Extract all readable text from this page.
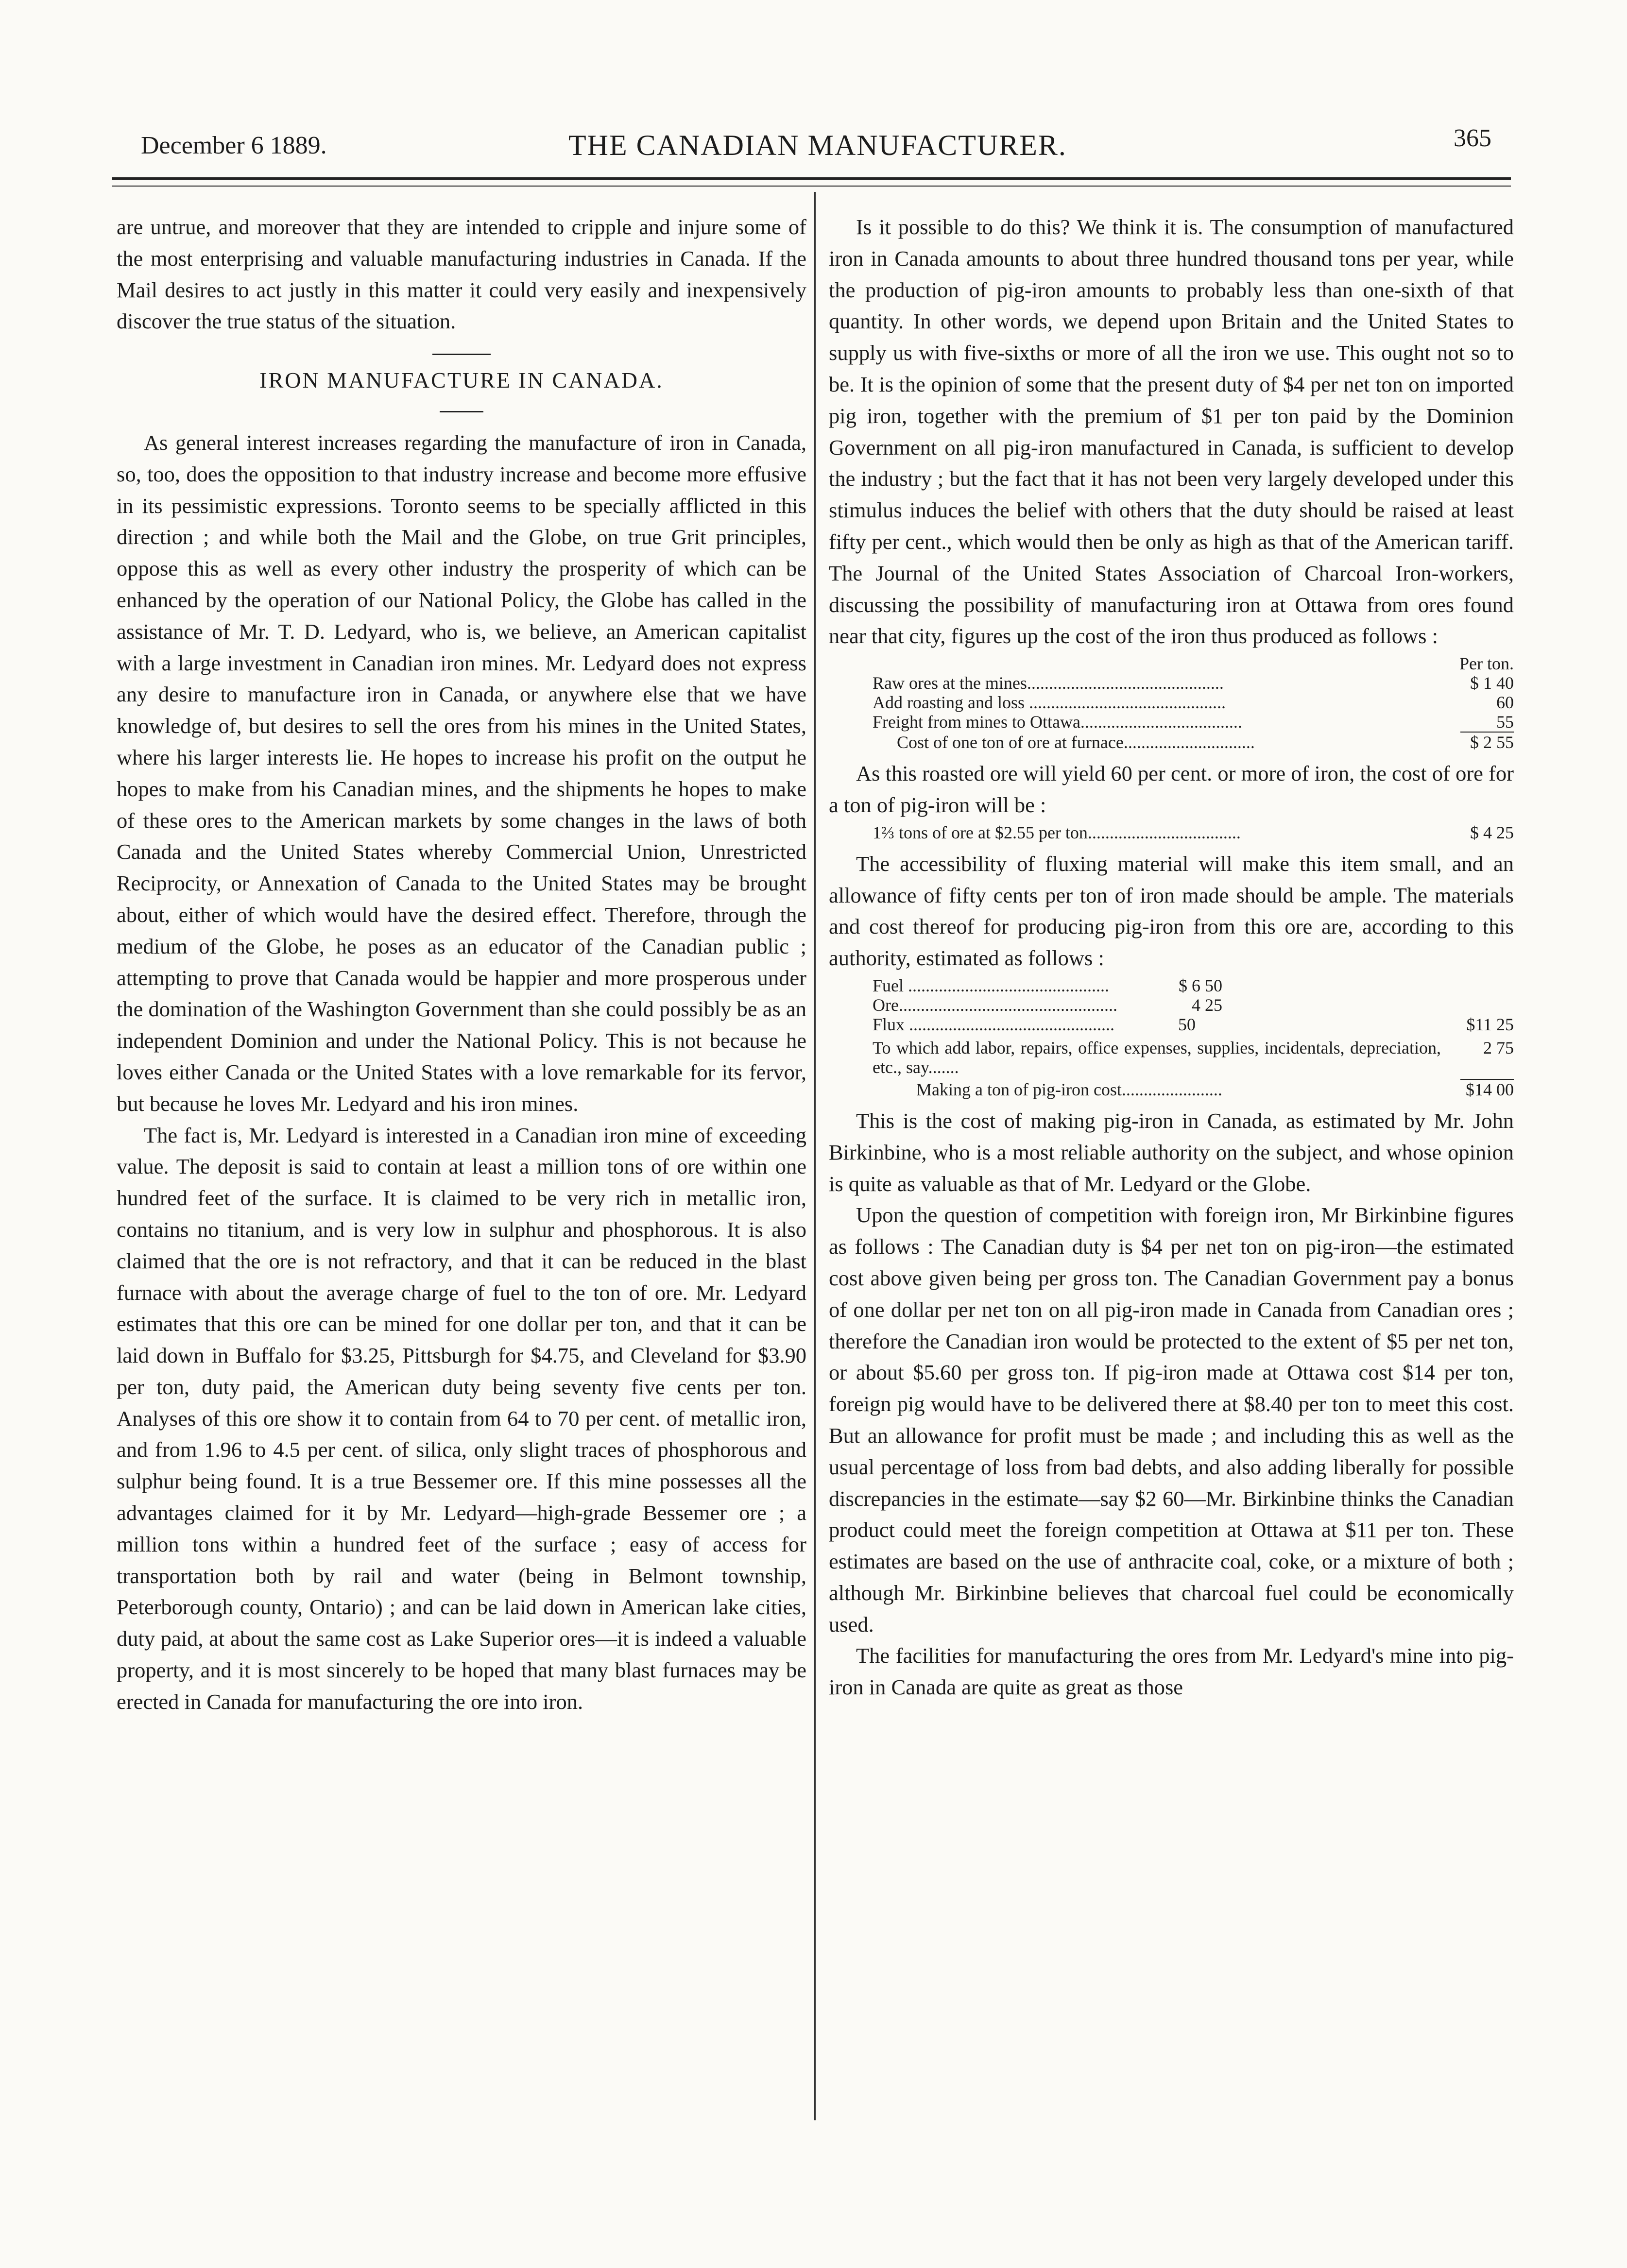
December 6 1889.	THE CANADIAN MANUFACTURER.	365

are untrue, and moreover that they are intended to cripple and injure some of the most enterprising and valuable manufacturing industries in Canada. If the Mail desires to act justly in this matter it could very easily and inexpensively discover the true status of the situation.

IRON MANUFACTURE IN CANADA.

As general interest increases regarding the manufacture of iron in Canada, so, too, does the opposition to that industry increase and become more effusive in its pessimistic expressions. Toronto seems to be specially afflicted in this direction ; and while both the Mail and the Globe, on true Grit principles, oppose this as well as every other industry the prosperity of which can be enhanced by the operation of our National Policy, the Globe has called in the assistance of Mr. T. D. Ledyard, who is, we believe, an American capitalist with a large investment in Canadian iron mines. Mr. Ledyard does not express any desire to manufacture iron in Canada, or anywhere else that we have knowledge of, but desires to sell the ores from his mines in the United States, where his larger interests lie. He hopes to increase his profit on the output he hopes to make from his Canadian mines, and the shipments he hopes to make of these ores to the American markets by some changes in the laws of both Canada and the United States whereby Commercial Union, Unrestricted Reciprocity, or Annexation of Canada to the United States may be brought about, either of which would have the desired effect. Therefore, through the medium of the Globe, he poses as an educator of the Canadian public ; attempting to prove that Canada would be happier and more prosperous under the domination of the Washington Government than she could possibly be as an independent Dominion and under the National Policy. This is not because he loves either Canada or the United States with a love remarkable for its fervor, but because he loves Mr. Ledyard and his iron mines.

The fact is, Mr. Ledyard is interested in a Canadian iron mine of exceeding value. The deposit is said to contain at least a million tons of ore within one hundred feet of the surface. It is claimed to be very rich in metallic iron, contains no titanium, and is very low in sulphur and phosphorous. It is also claimed that the ore is not refractory, and that it can be reduced in the blast furnace with about the average charge of fuel to the ton of ore. Mr. Ledyard estimates that this ore can be mined for one dollar per ton, and that it can be laid down in Buffalo for $3.25, Pittsburgh for $4.75, and Cleveland for $3.90 per ton, duty paid, the American duty being seventy five cents per ton. Analyses of this ore show it to contain from 64 to 70 per cent. of metallic iron, and from 1.96 to 4.5 per cent. of silica, only slight traces of phosphorous and sulphur being found. It is a true Bessemer ore. If this mine possesses all the advantages claimed for it by Mr. Ledyard—high-grade Bessemer ore ; a million tons within a hundred feet of the surface ; easy of access for transportation both by rail and water (being in Belmont township, Peterborough county, Ontario) ; and can be laid down in American lake cities, duty paid, at about the same cost as Lake Superior ores—it is indeed a valuable property, and it is most sincerely to be hoped that many blast furnaces may be erected in Canada for manufacturing the ore into iron.

Is it possible to do this? We think it is. The consumption of manufactured iron in Canada amounts to about three hundred thousand tons per year, while the production of pig-iron amounts to probably less than one-sixth of that quantity. In other words, we depend upon Britain and the United States to supply us with five-sixths or more of all the iron we use. This ought not so to be. It is the opinion of some that the present duty of $4 per net ton on imported pig iron, together with the premium of $1 per ton paid by the Dominion Government on all pig-iron manufactured in Canada, is sufficient to develop the industry ; but the fact that it has not been very largely developed under this stimulus induces the belief with others that the duty should be raised at least fifty per cent., which would then be only as high as that of the American tariff. The Journal of the United States Association of Charcoal Iron-workers, discussing the possibility of manufacturing iron at Ottawa from ores found near that city, figures up the cost of the iron thus produced as follows :

Per ton.
Raw ores at the mines.............................................	$ 1 40
Add roasting and loss .............................................	60
Freight from mines to Ottawa.....................................	55
Cost of one ton of ore at furnace..............................	$ 2 55

As this roasted ore will yield 60 per cent. or more of iron, the cost of ore for a ton of pig-iron will be :

1⅔ tons of ore at $2.55 per ton...................................	$ 4 25

The accessibility of fluxing material will make this item small, and an allowance of fifty cents per ton of iron made should be ample. The materials and cost thereof for producing pig-iron from this ore are, according to this authority, estimated as follows :

Fuel ..............................................	$ 6 50
Ore..................................................	4 25
Flux ...............................................	50	$11 25
To which add labor, repairs, office expenses, supplies, incidentals, depreciation, etc., say.......
2 75
Making a ton of pig-iron cost.......................	$14 00

This is the cost of making pig-iron in Canada, as estimated by Mr. John Birkinbine, who is a most reliable authority on the subject, and whose opinion is quite as valuable as that of Mr. Ledyard or the Globe.

Upon the question of competition with foreign iron, Mr Birkinbine figures as follows : The Canadian duty is $4 per net ton on pig-iron—the estimated cost above given being per gross ton. The Canadian Government pay a bonus of one dollar per net ton on all pig-iron made in Canada from Canadian ores ; therefore the Canadian iron would be protected to the extent of $5 per net ton, or about $5.60 per gross ton. If pig-iron made at Ottawa cost $14 per ton, foreign pig would have to be delivered there at $8.40 per ton to meet this cost. But an allowance for profit must be made ; and including this as well as the usual percentage of loss from bad debts, and also adding liberally for possible discrepancies in the estimate—say $2 60—Mr. Birkinbine thinks the Canadian product could meet the foreign competition at Ottawa at $11 per ton. These estimates are based on the use of anthracite coal, coke, or a mixture of both ; although Mr. Birkinbine believes that charcoal fuel could be economically used.

The facilities for manufacturing the ores from Mr. Ledyard's mine into pig-iron in Canada are quite as great as those
